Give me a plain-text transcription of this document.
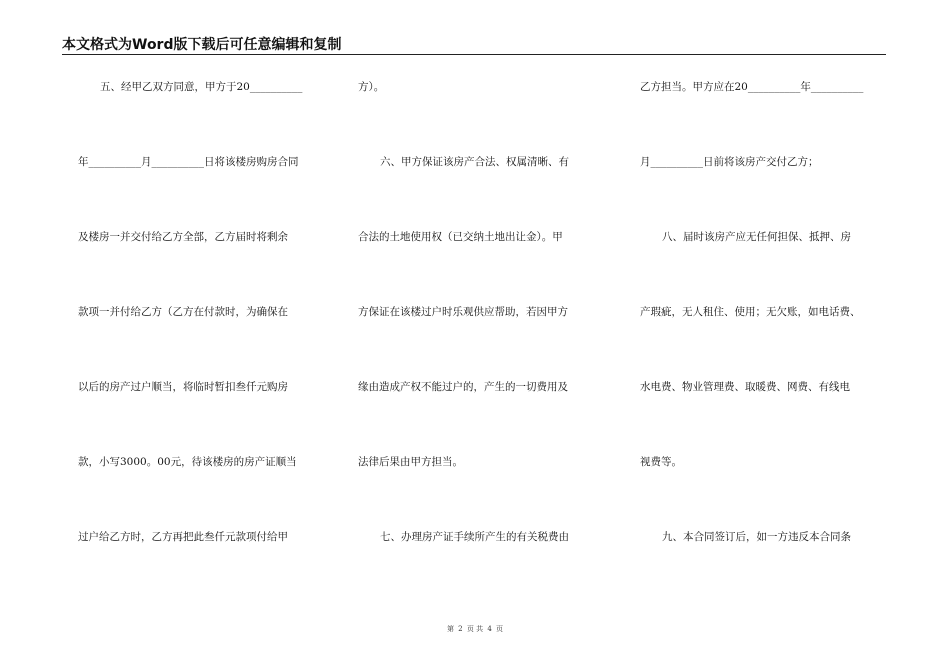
本文格式为Word版下载后可任意编辑和复制
五、经甲乙双方同意，甲方于20__________
年__________月__________日将该楼房购房合同
及楼房一并交付给乙方全部，乙方届时将剩余
款项一并付给乙方（乙方在付款时，为确保在
以后的房产过户顺当，将临时暂扣叁仟元购房
款，小写3000。00元，待该楼房的房产证顺当
过户给乙方时，乙方再把此叁仟元款项付给甲
方）。
六、甲方保证该房产合法、权属清晰、有
合法的土地使用权（已交纳土地出让金）。甲
方保证在该楼过户时乐观供应帮助，若因甲方
缘由造成产权不能过户的，产生的一切费用及
法律后果由甲方担当。
七、办理房产证手续所产生的有关税费由
乙方担当。甲方应在20__________年__________
月__________日前将该房产交付乙方；
八、届时该房产应无任何担保、抵押、房
产瑕疵，无人租住、使用；无欠账，如电话费、
水电费、物业管理费、取暖费、网费、有线电
视费等。
九、本合同签订后，如一方违反本合同条
第 2 页 共 4 页
